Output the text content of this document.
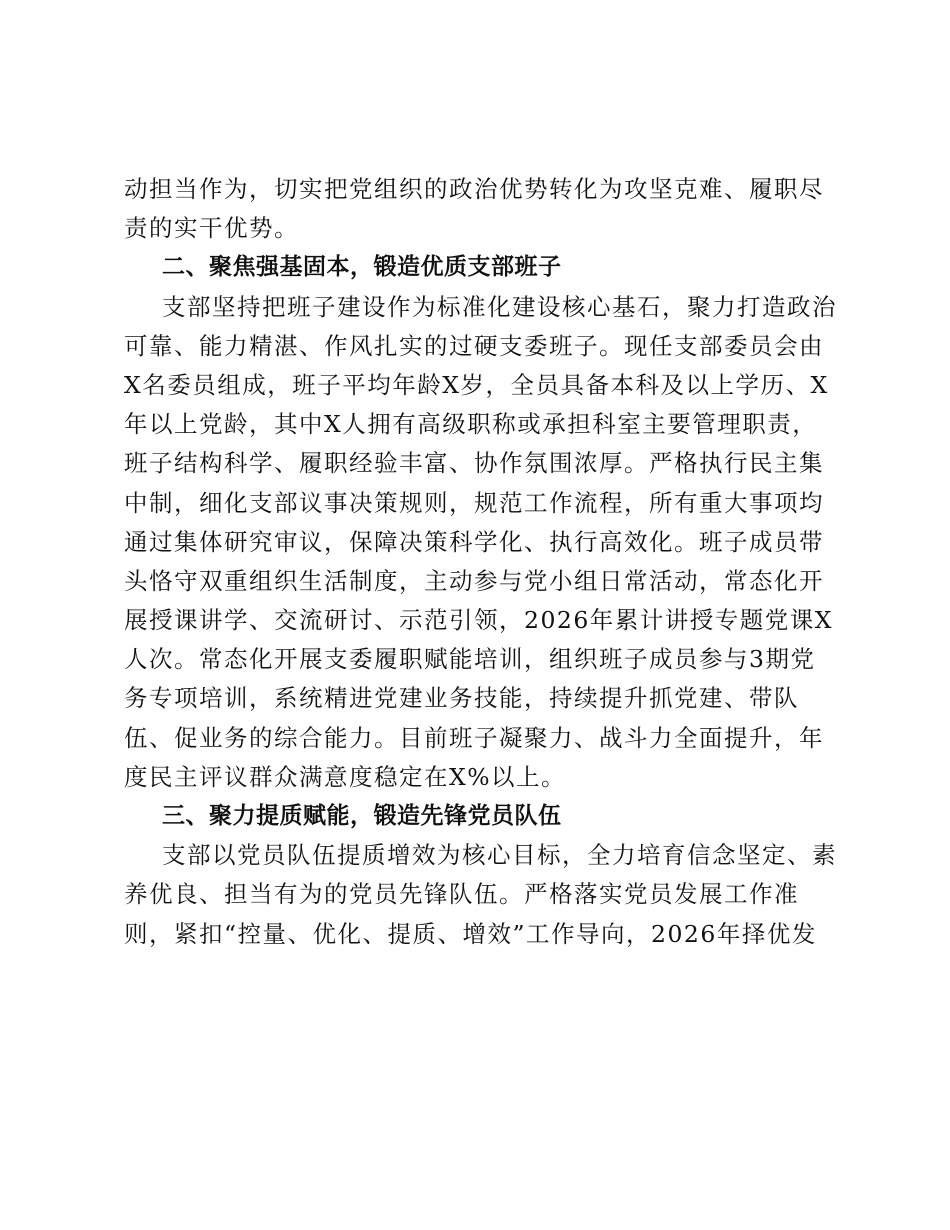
动担当作为，切实把党组织的政治优势转化为攻坚克难、履职尽
责的实干优势。
二、聚焦强基固本，锻造优质支部班子
支部坚持把班子建设作为标准化建设核心基石，聚力打造政治
可靠、能力精湛、作风扎实的过硬支委班子。现任支部委员会由
X名委员组成，班子平均年龄X岁，全员具备本科及以上学历、X
年以上党龄，其中X人拥有高级职称或承担科室主要管理职责，
班子结构科学、履职经验丰富、协作氛围浓厚。严格执行民主集
中制，细化支部议事决策规则，规范工作流程，所有重大事项均
通过集体研究审议，保障决策科学化、执行高效化。班子成员带
头恪守双重组织生活制度，主动参与党小组日常活动，常态化开
展授课讲学、交流研讨、示范引领，2026年累计讲授专题党课X
人次。常态化开展支委履职赋能培训，组织班子成员参与3期党
务专项培训，系统精进党建业务技能，持续提升抓党建、带队
伍、促业务的综合能力。目前班子凝聚力、战斗力全面提升，年
度民主评议群众满意度稳定在X%以上。
三、聚力提质赋能，锻造先锋党员队伍
支部以党员队伍提质增效为核心目标，全力培育信念坚定、素
养优良、担当有为的党员先锋队伍。严格落实党员发展工作准
则，紧扣“控量、优化、提质、增效”工作导向，2026年择优发
